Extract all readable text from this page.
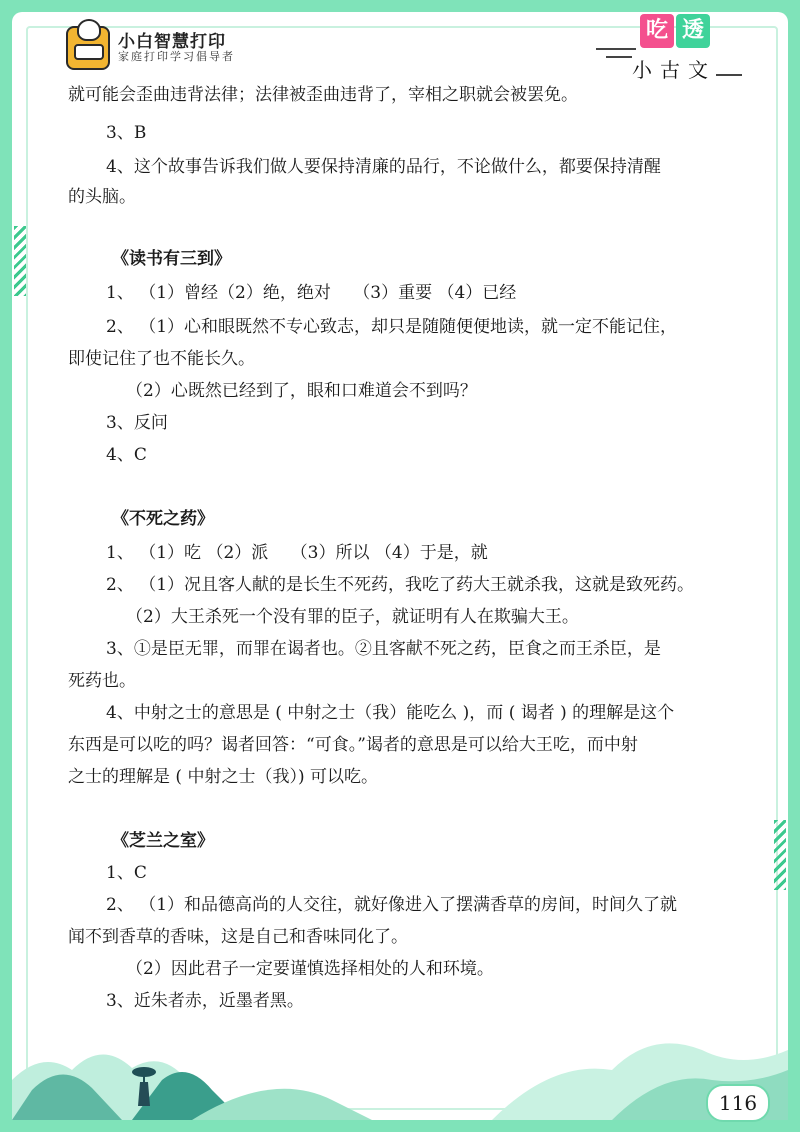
小白智慧打印
家庭打印学习倡导者
吃 透
小古文
就可能会歪曲违背法律；法律被歪曲违背了，宰相之职就会被罢免。
3、B
4、这个故事告诉我们做人要保持清廉的品行，不论做什么，都要保持清醒
的头脑。
《读书有三到》
1、 （1）曾经（2）绝，绝对　 （3）重要 （4）已经
2、 （1）心和眼既然不专心致志，却只是随随便便地读，就一定不能记住，
即使记住了也不能长久。
（2）心既然已经到了，眼和口难道会不到吗？
3、反问
4、C
《不死之药》
1、 （1）吃 （2）派　 （3）所以 （4）于是，就
2、 （1）况且客人献的是长生不死药，我吃了药大王就杀我，这就是致死药。
（2）大王杀死一个没有罪的臣子，就证明有人在欺骗大王。
3、①是臣无罪，而罪在谒者也。②且客献不死之药，臣食之而王杀臣，是
死药也。
4、中射之士的意思是 ( 中射之士（我）能吃么 )，而 ( 谒者 ) 的理解是这个
东西是可以吃的吗？谒者回答：“可食。”谒者的意思是可以给大王吃，而中射
之士的理解是 ( 中射之士（我）) 可以吃。
《芝兰之室》
1、C
2、 （1）和品德高尚的人交往，就好像进入了摆满香草的房间，时间久了就
闻不到香草的香味，这是自己和香味同化了。
（2）因此君子一定要谨慎选择相处的人和环境。
3、近朱者赤，近墨者黑。
116
